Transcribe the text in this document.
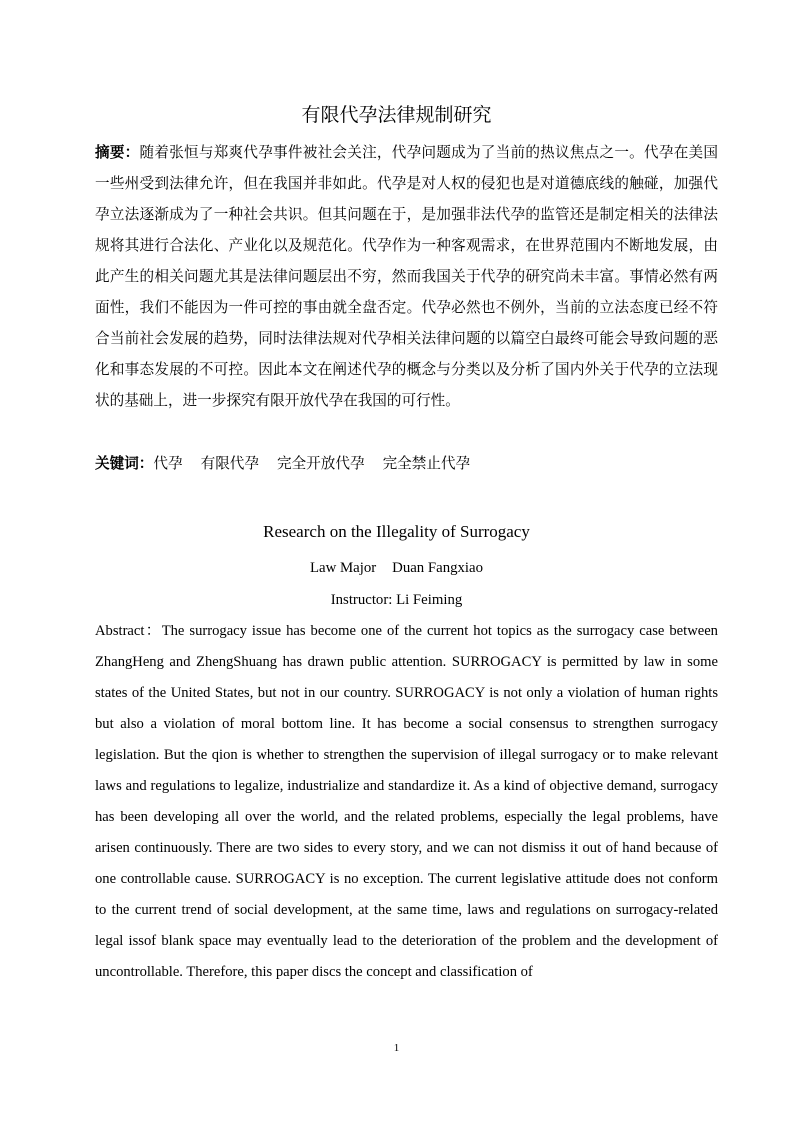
有限代孕法律规制研究
摘要：随着张恒与郑爽代孕事件被社会关注，代孕问题成为了当前的热议焦点之一。代孕在美国一些州受到法律允许，但在我国并非如此。代孕是对人权的侵犯也是对道德底线的触碰，加强代孕立法逐渐成为了一种社会共识。但其问题在于，是加强非法代孕的监管还是制定相关的法律法规将其进行合法化、产业化以及规范化。代孕作为一种客观需求，在世界范围内不断地发展，由此产生的相关问题尤其是法律问题层出不穷，然而我国关于代孕的研究尚未丰富。事情必然有两面性，我们不能因为一件可控的事由就全盘否定。代孕必然也不例外，当前的立法态度已经不符合当前社会发展的趋势，同时法律法规对代孕相关法律问题的以篇空白最终可能会导致问题的恶化和事态发展的不可控。因此本文在阐述代孕的概念与分类以及分析了国内外关于代孕的立法现状的基础上，进一步探究有限开放代孕在我国的可行性。
关键词：代孕 有限代孕 完全开放代孕 完全禁止代孕
Research on the Illegality of Surrogacy
Law Major Duan Fangxiao
Instructor: Li Feiming
Abstract：The surrogacy issue has become one of the current hot topics as the surrogacy case between ZhangHeng and ZhengShuang has drawn public attention. SURROGACY is permitted by law in some states of the United States, but not in our country. SURROGACY is not only a violation of human rights but also a violation of moral bottom line. It has become a social consensus to strengthen surrogacy legislation. But the qion is whether to strengthen the supervision of illegal surrogacy or to make relevant laws and regulations to legalize, industrialize and standardize it. As a kind of objective demand, surrogacy has been developing all over the world, and the related problems, especially the legal problems, have arisen continuously. There are two sides to every story, and we can not dismiss it out of hand because of one controllable cause. SURROGACY is no exception. The current legislative attitude does not conform to the current trend of social development, at the same time, laws and regulations on surrogacy-related legal issof blank space may eventually lead to the deterioration of the problem and the development of uncontrollable. Therefore, this paper discs the concept and classification of
1
